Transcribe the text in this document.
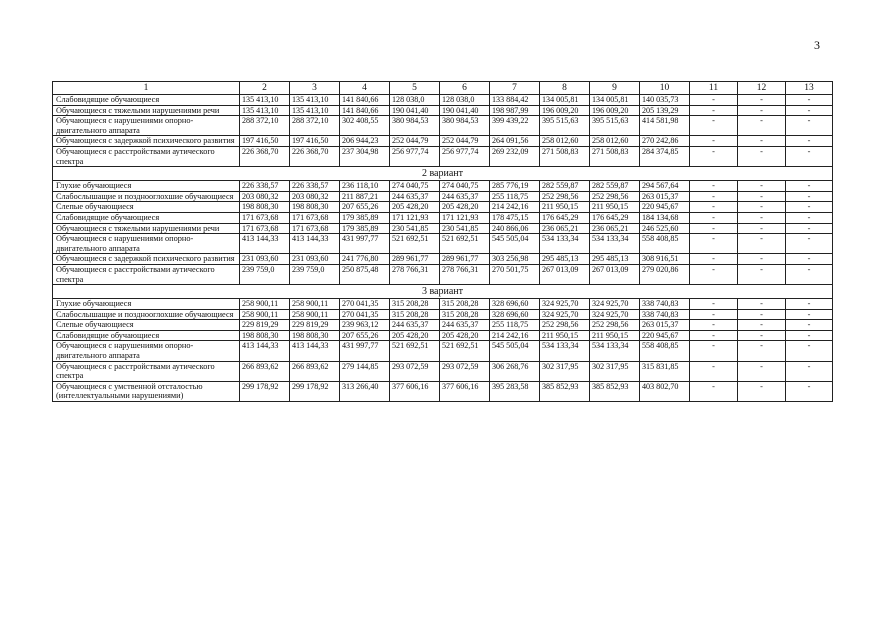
3
1	2	3	4	5	6	7	8	9	10	11	12	13
Слабовидящие обучающиеся	135 413,10	135 413,10	141 840,66	128 038,0	128 038,0	133 884,42	134 005,81	134 005,81	140 035,73	-	-	-
Обучающиеся с тяжелыми нарушениями речи	135 413,10	135 413,10	141 840,66	190 041,40	190 041,40	198 987,99	196 009,20	196 009,20	205 139,29	-	-	-
Обучающиеся с нарушениями опорно-двигательного аппарата	288 372,10	288 372,10	302 408,55	380 984,53	380 984,53	399 439,22	395 515,63	395 515,63	414 581,98	-	-	-
Обучающиеся с задержкой психического развития	197 416,50	197 416,50	206 944,23	252 044,79	252 044,79	264 091,56	258 012,60	258 012,60	270 242,86	-	-	-
Обучающиеся с расстройствами аутического спектра	226 368,70	226 368,70	237 304,98	256 977,74	256 977,74	269 232,09	271 508,83	271 508,83	284 374,85	-	-	-
2 вариант												
Глухие обучающиеся	226 338,57	226 338,57	236 118,10	274 040,75	274 040,75	285 776,19	282 559,87	282 559,87	294 567,64	-	-	-
Слабослышащие и позднооглохшие обучающиеся	203 080,32	203 080,32	211 887,21	244 635,37	244 635,37	255 118,75	252 298,56	252 298,56	263 015,37	-	-	-
Слепые обучающиеся	198 808,30	198 808,30	207 655,26	205 428,20	205 428,20	214 242,16	211 950,15	211 950,15	220 945,67	-	-	-
Слабовидящие обучающиеся	171 673,68	171 673,68	179 385,89	171 121,93	171 121,93	178 475,15	176 645,29	176 645,29	184 134,68	-	-	-
Обучающиеся с тяжелыми нарушениями речи	171 673,68	171 673,68	179 385,89	230 541,85	230 541,85	240 866,06	236 065,21	236 065,21	246 525,60	-	-	-
Обучающиеся с нарушениями опорно-двигательного аппарата	413 144,33	413 144,33	431 997,77	521 692,51	521 692,51	545 505,04	534 133,34	534 133,34	558 408,85	-	-	-
Обучающиеся с задержкой психического развития	231 093,60	231 093,60	241 776,80	289 961,77	289 961,77	303 256,98	295 485,13	295 485,13	308 916,51	-	-	-
Обучающиеся с расстройствами аутического спектра	239 759,0	239 759,0	250 875,48	278 766,31	278 766,31	270 501,75	267 013,09	267 013,09	279 020,86	-	-	-
3 вариант												
Глухие обучающиеся	258 900,11	258 900,11	270 041,35	315 208,28	315 208,28	328 696,60	324 925,70	324 925,70	338 740,83	-	-	-
Слабослышащие и позднооглохшие обучающиеся	258 900,11	258 900,11	270 041,35	315 208,28	315 208,28	328 696,60	324 925,70	324 925,70	338 740,83	-	-	-
Слепые обучающиеся	229 819,29	229 819,29	239 963,12	244 635,37	244 635,37	255 118,75	252 298,56	252 298,56	263 015,37	-	-	-
Слабовидящие обучающиеся	198 808,30	198 808,30	207 655,26	205 428,20	205 428,20	214 242,16	211 950,15	211 950,15	220 945,67	-	-	-
Обучающиеся с нарушениями опорно-двигательного аппарата	413 144,33	413 144,33	431 997,77	521 692,51	521 692,51	545 505,04	534 133,34	534 133,34	558 408,85	-	-	-
Обучающиеся с расстройствами аутического спектра	266 893,62	266 893,62	279 144,85	293 072,59	293 072,59	306 268,76	302 317,95	302 317,95	315 831,85	-	-	-
Обучающиеся с умственной отсталостью (интеллектуальными нарушениями)	299 178,92	299 178,92	313 266,40	377 606,16	377 606,16	395 283,58	385 852,93	385 852,93	403 802,70	-	-	-
